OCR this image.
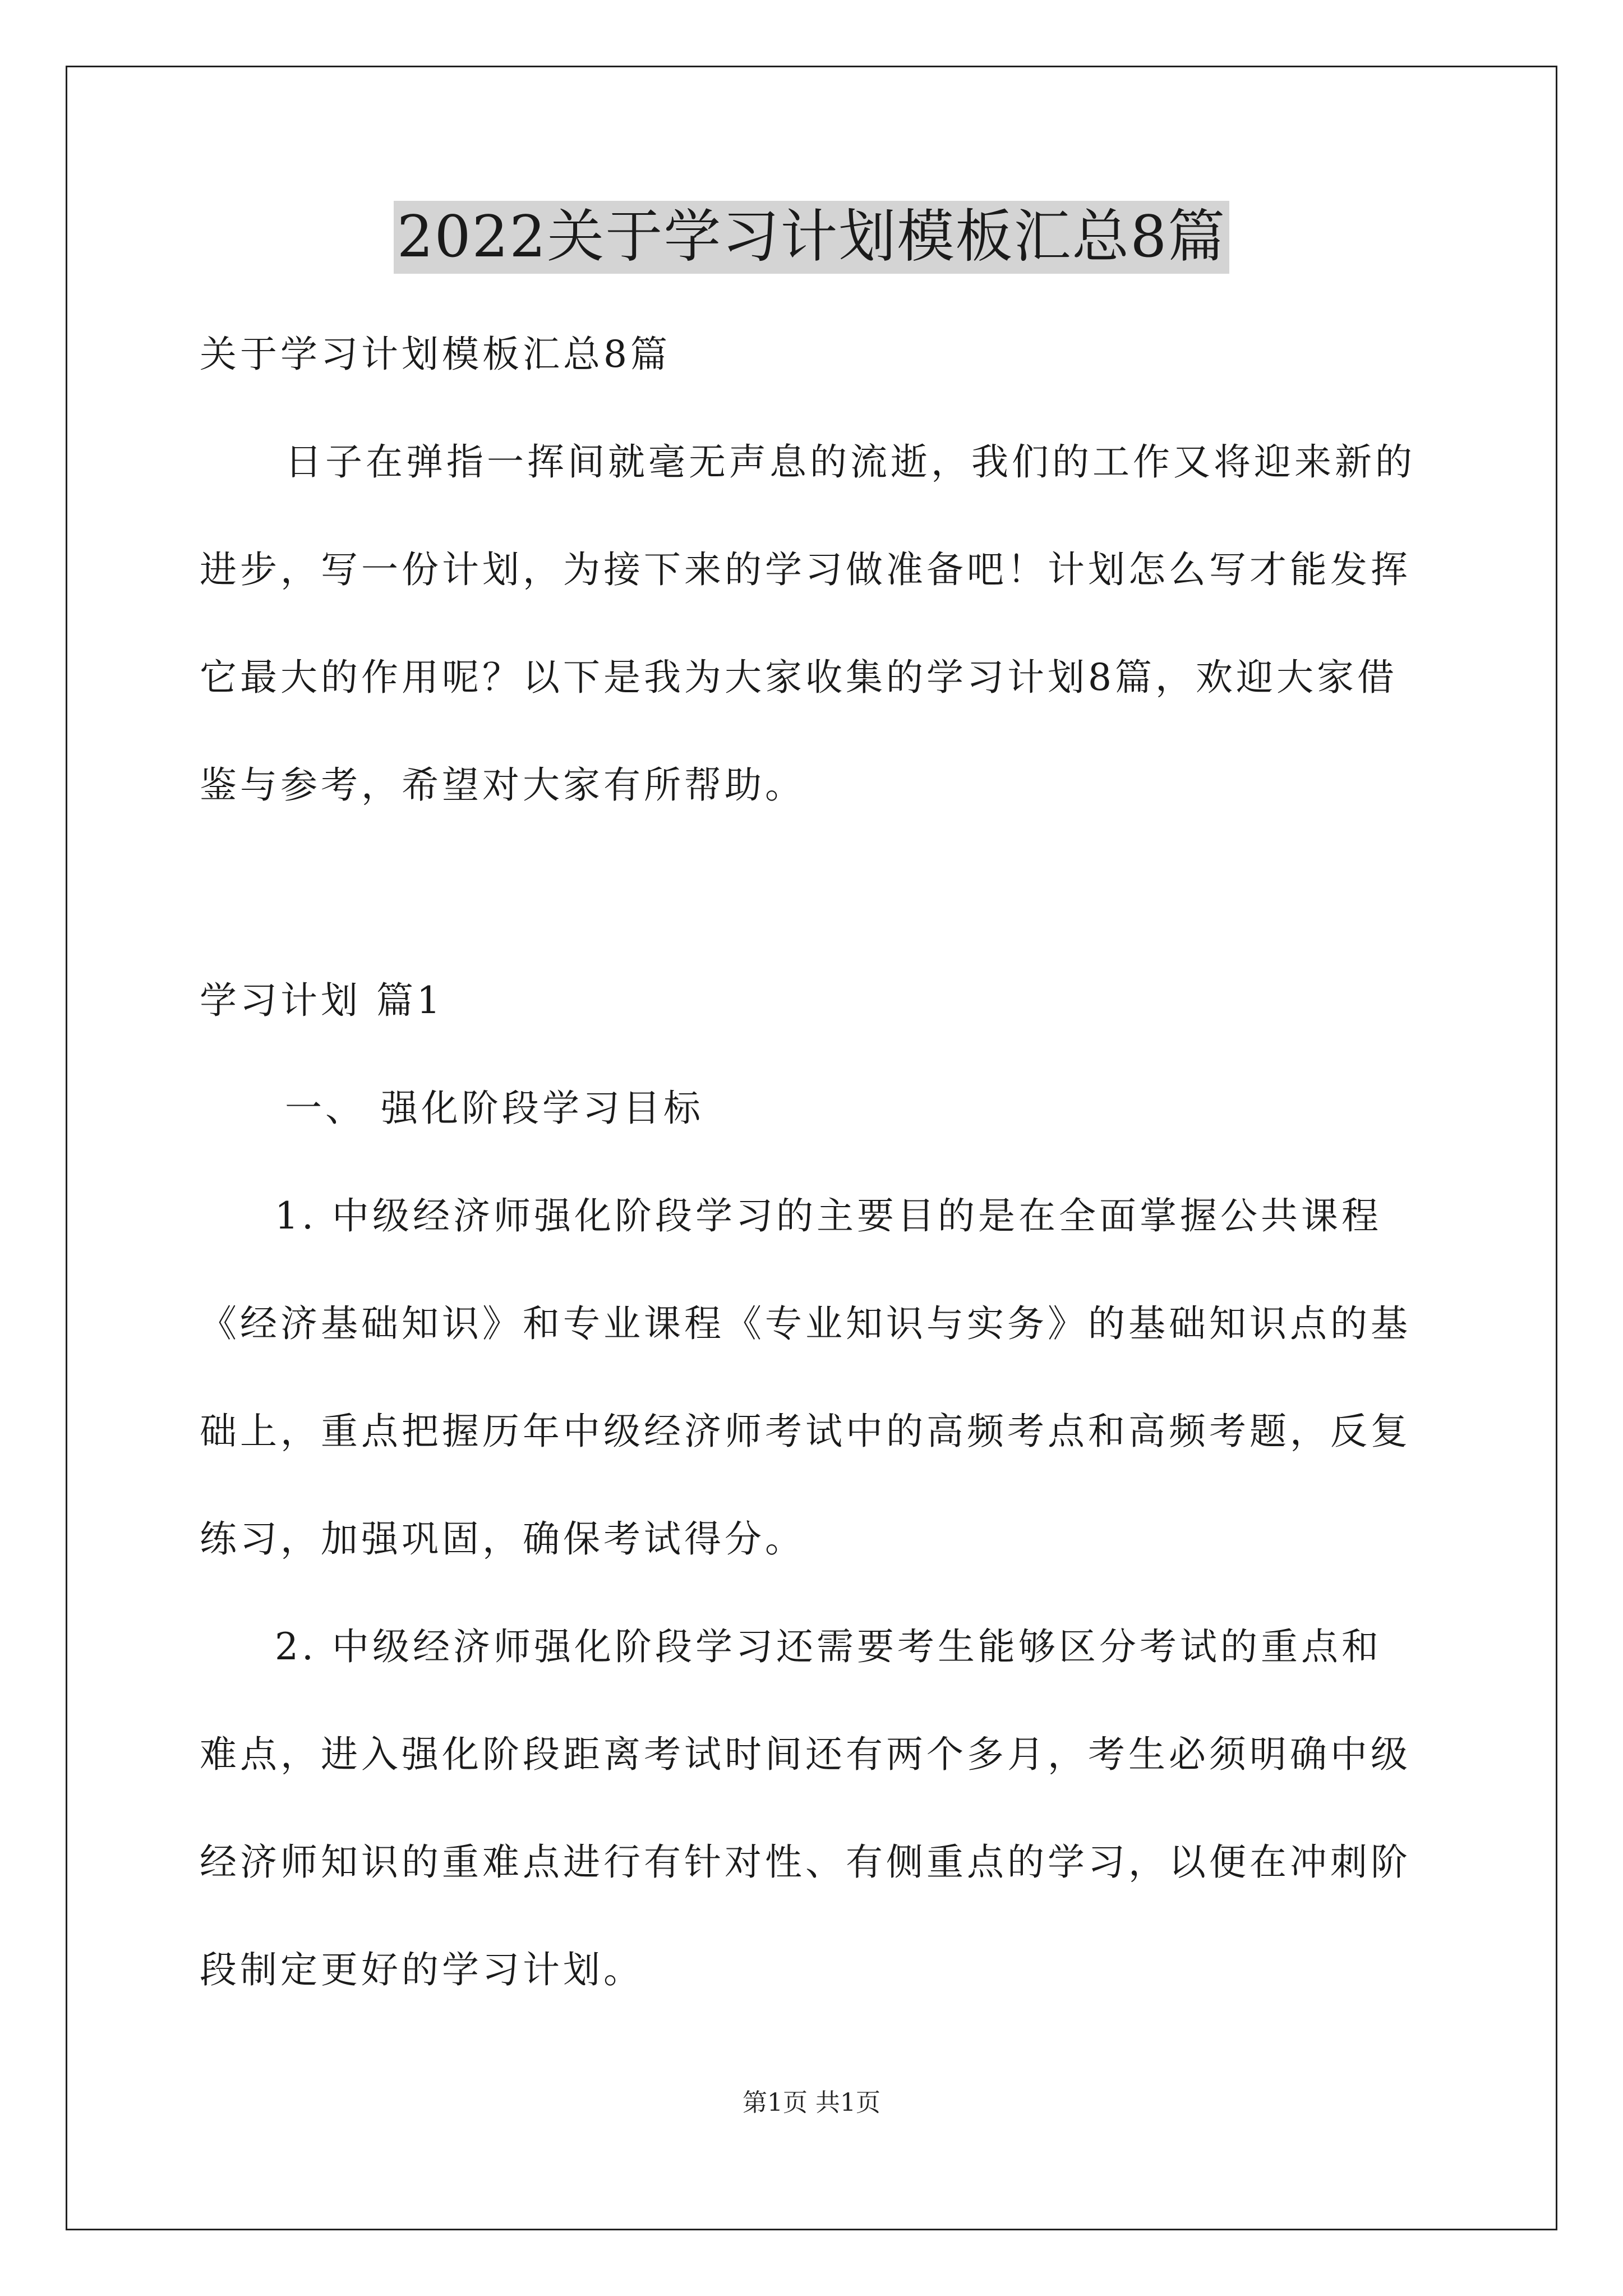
2022关于学习计划模板汇总8篇
关于学习计划模板汇总8篇
日子在弹指一挥间就毫无声息的流逝，我们的工作又将迎来新的
进步，写一份计划，为接下来的学习做准备吧！计划怎么写才能发挥
它最大的作用呢？以下是我为大家收集的学习计划8篇，欢迎大家借
鉴与参考，希望对大家有所帮助。
学习计划 篇1
一、 强化阶段学习目标
1. 中级经济师强化阶段学习的主要目的是在全面掌握公共课程
《经济基础知识》和专业课程《专业知识与实务》的基础知识点的基
础上，重点把握历年中级经济师考试中的高频考点和高频考题，反复
练习，加强巩固，确保考试得分。
2. 中级经济师强化阶段学习还需要考生能够区分考试的重点和
难点，进入强化阶段距离考试时间还有两个多月，考生必须明确中级
经济师知识的重难点进行有针对性、有侧重点的学习，以便在冲刺阶
段制定更好的学习计划。
第1页 共1页
